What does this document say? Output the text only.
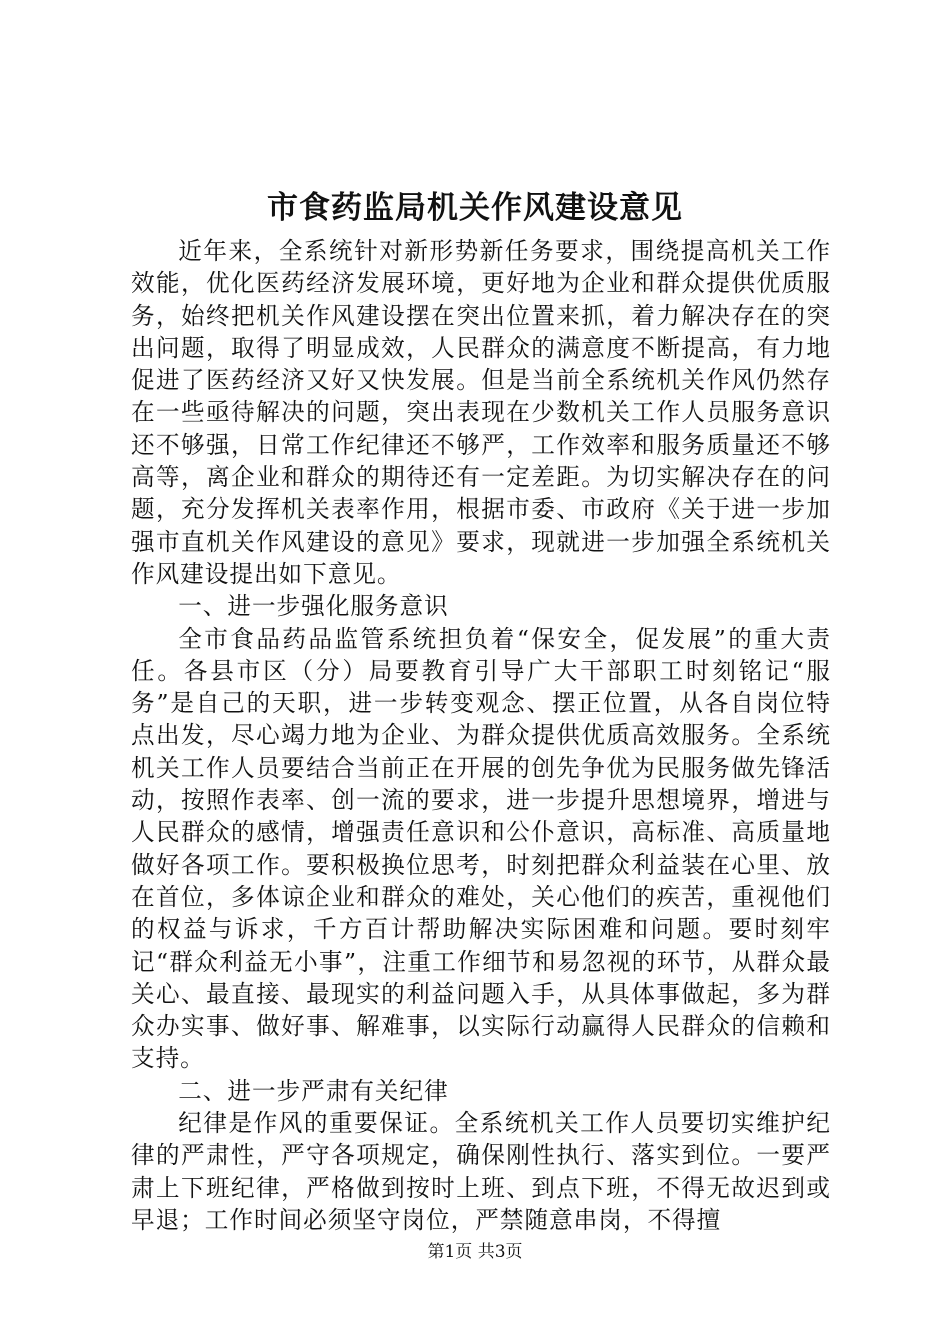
市食药监局机关作风建设意见

近年来，全系统针对新形势新任务要求，围绕提高机关工作效能，优化医药经济发展环境，更好地为企业和群众提供优质服务，始终把机关作风建设摆在突出位置来抓，着力解决存在的突出问题，取得了明显成效，人民群众的满意度不断提高，有力地促进了医药经济又好又快发展。但是当前全系统机关作风仍然存在一些亟待解决的问题，突出表现在少数机关工作人员服务意识还不够强，日常工作纪律还不够严，工作效率和服务质量还不够高等，离企业和群众的期待还有一定差距。为切实解决存在的问题，充分发挥机关表率作用，根据市委、市政府《关于进一步加强市直机关作风建设的意见》要求，现就进一步加强全系统机关作风建设提出如下意见。

一、进一步强化服务意识

全市食品药品监管系统担负着“保安全，促发展”的重大责任。各县市区（分）局要教育引导广大干部职工时刻铭记“服务”是自己的天职，进一步转变观念、摆正位置，从各自岗位特点出发，尽心竭力地为企业、为群众提供优质高效服务。全系统机关工作人员要结合当前正在开展的创先争优为民服务做先锋活动，按照作表率、创一流的要求，进一步提升思想境界，增进与人民群众的感情，增强责任意识和公仆意识，高标准、高质量地做好各项工作。要积极换位思考，时刻把群众利益装在心里、放在首位，多体谅企业和群众的难处，关心他们的疾苦，重视他们的权益与诉求，千方百计帮助解决实际困难和问题。要时刻牢记“群众利益无小事”，注重工作细节和易忽视的环节，从群众最关心、最直接、最现实的利益问题入手，从具体事做起，多为群众办实事、做好事、解难事，以实际行动赢得人民群众的信赖和支持。

二、进一步严肃有关纪律

纪律是作风的重要保证。全系统机关工作人员要切实维护纪律的严肃性，严守各项规定，确保刚性执行、落实到位。一要严肃上下班纪律，严格做到按时上班、到点下班，不得无故迟到或早退；工作时间必须坚守岗位，严禁随意串岗，不得擅

第1页 共3页
